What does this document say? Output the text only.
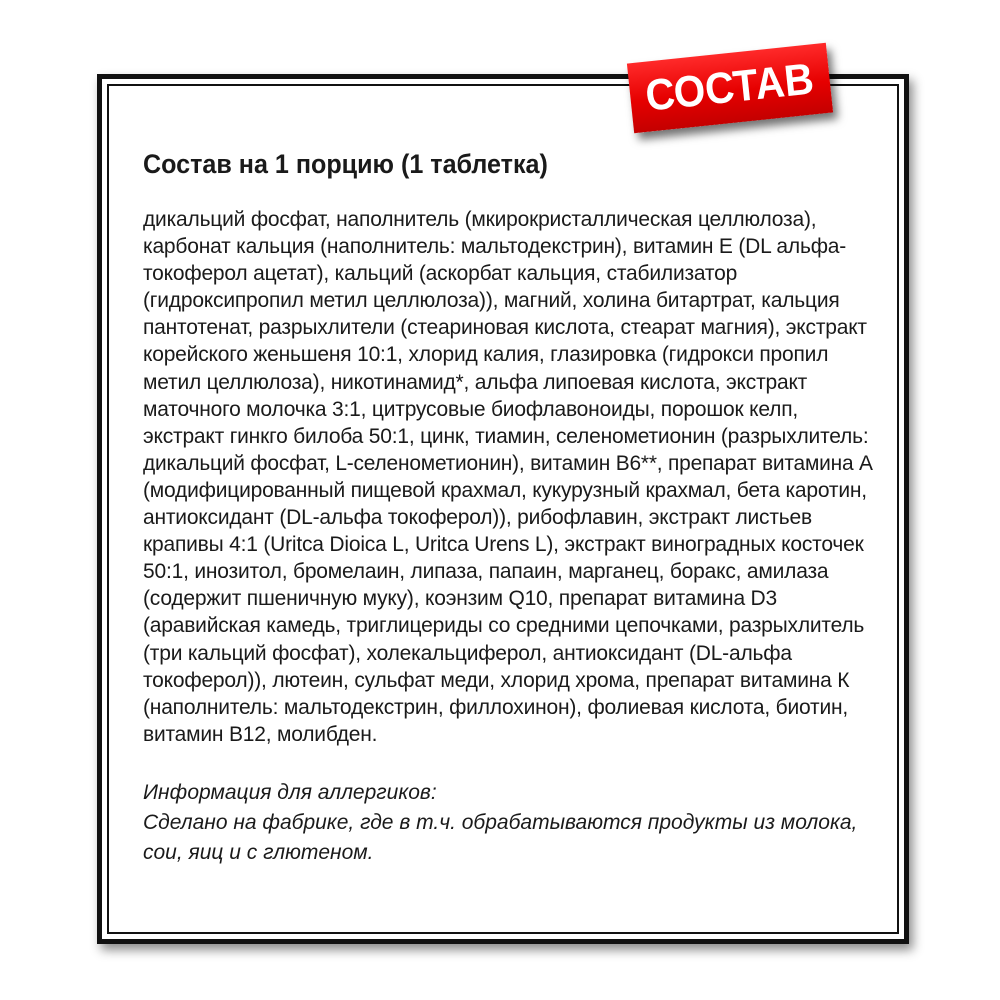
СОСТАВ
Состав на 1 порцию (1 таблетка)
дикальций фосфат, наполнитель (мкирокристаллическая целлюлоза),
карбонат кальция (наполнитель: мальтодекстрин), витамин Е (DL альфа-
токоферол ацетат), кальций (аскорбат кальция, стабилизатор
(гидроксипропил метил целлюлоза)), магний, холина битартрат, кальция
пантотенат, разрыхлители (стеариновая кислота, стеарат магния), экстракт
корейского женьшеня 10:1, хлорид калия, глазировка (гидрокси пропил
метил целлюлоза), никотинамид*, альфа липоевая кислота, экстракт
маточного молочка 3:1, цитрусовые биофлавоноиды, порошок келп,
экстракт гинкго билоба 50:1, цинк, тиамин, селенометионин (разрыхлитель:
дикальций фосфат, L-селенометионин), витамин В6**, препарат витамина А
(модифицированный пищевой крахмал, кукурузный крахмал, бета каротин,
антиоксидант (DL-альфа токоферол)), рибофлавин, экстракт листьев
крапивы 4:1 (Uritca Dioica L, Uritca Urens L), экстракт виноградных косточек
50:1, инозитол, бромелаин, липаза, папаин, марганец, боракс, амилаза
(содержит пшеничную муку), коэнзим Q10, препарат витамина D3
(аравийская камедь, триглицериды со средними цепочками, разрыхлитель
(три кальций фосфат), холекальциферол, антиоксидант (DL-альфа
токоферол)), лютеин, сульфат меди, хлорид хрома, препарат витамина К
(наполнитель: мальтодекстрин, филлохинон), фолиевая кислота, биотин,
витамин В12, молибден.
Информация для аллергиков:
Сделано на фабрике, где в т.ч. обрабатываются продукты из молока,
сои, яиц и с глютеном.
